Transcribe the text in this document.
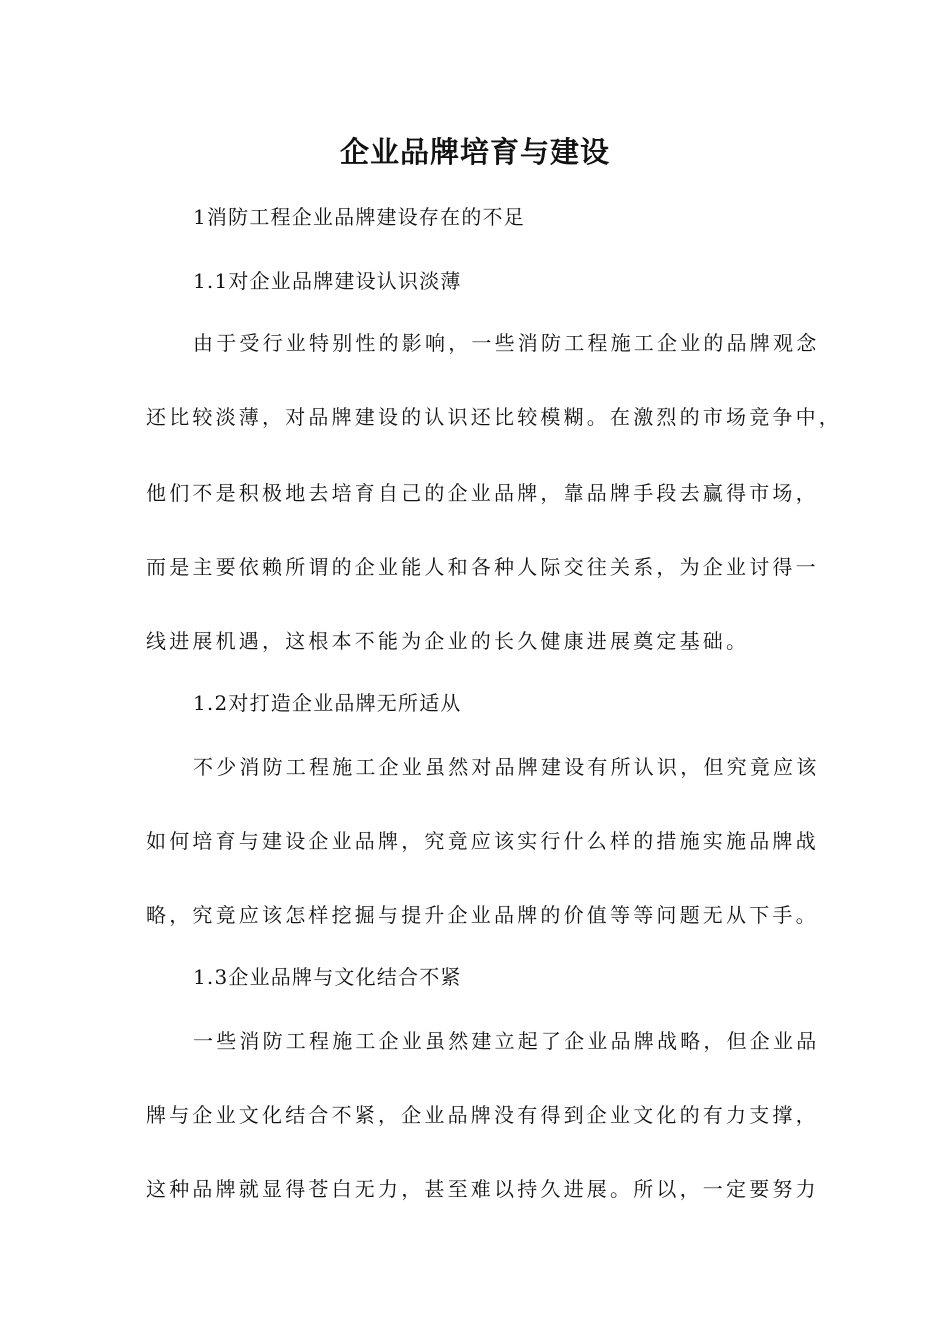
企业品牌培育与建设
1消防工程企业品牌建设存在的不足
1.1对企业品牌建设认识淡薄
由于受行业特别性的影响，一些消防工程施工企业的品牌观念
还比较淡薄，对品牌建设的认识还比较模糊。在激烈的市场竞争中，
他们不是积极地去培育自己的企业品牌，靠品牌手段去赢得市场，
而是主要依赖所谓的企业能人和各种人际交往关系，为企业讨得一
线进展机遇，这根本不能为企业的长久健康进展奠定基础。
1.2对打造企业品牌无所适从
不少消防工程施工企业虽然对品牌建设有所认识，但究竟应该
如何培育与建设企业品牌，究竟应该实行什么样的措施实施品牌战
略，究竟应该怎样挖掘与提升企业品牌的价值等等问题无从下手。
1.3企业品牌与文化结合不紧
一些消防工程施工企业虽然建立起了企业品牌战略，但企业品
牌与企业文化结合不紧，企业品牌没有得到企业文化的有力支撑，
这种品牌就显得苍白无力，甚至难以持久进展。所以，一定要努力
